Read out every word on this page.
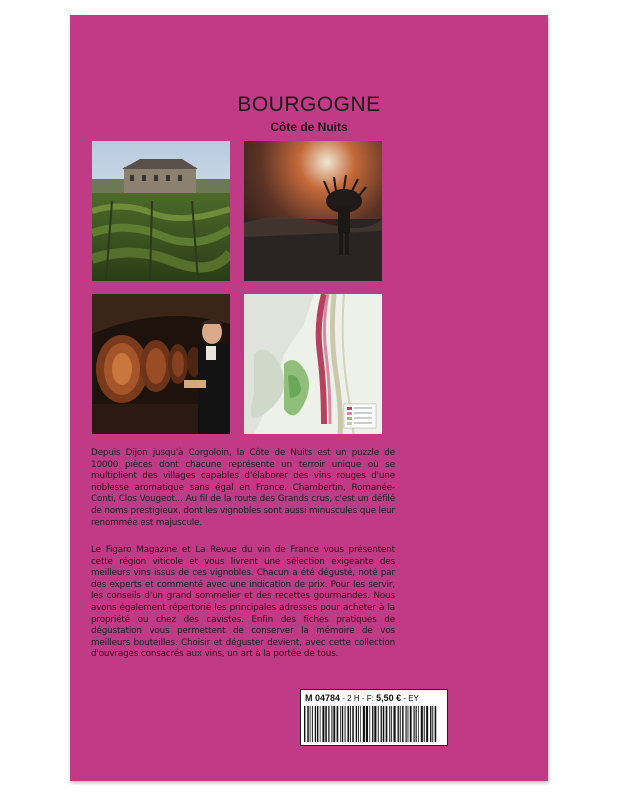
BOURGOGNE
Côte de Nuits

Depuis Dijon jusqu'à Corgoloin, la Côte de Nuits est un puzzle de 10000 pièces dont chacune représente un terroir unique où se multiplient des villages capables d'élaborer des vins rouges d'une noblesse aromatique sans égal en France. Chambertin, Romanée-Conti, Clos Vougeot... Au fil de la route des Grands crus, c'est un défilé de noms prestigieux, dont les vignobles sont aussi minuscules que leur renommée est majuscule.

Le Figaro Magazine et La Revue du vin de France vous présentent cette région viticole et vous livrent une sélection exigeante des meilleurs vins issus de ces vignobles. Chacun a été dégusté, noté par des experts et commenté avec une indication de prix. Pour les servir, les conseils d'un grand sommelier et des recettes gourmandes. Nous avons également répertorié les principales adresses pour acheter à la propriété ou chez des cavistes. Enfin des fiches pratiques de dégustation vous permettent de conserver la mémoire de vos meilleurs bouteilles. Choisir et déguster devient, avec cette collection d'ouvrages consacrés aux vins, un art à la portée de tous.

M 04784 - 2 H - F: 5,50 € - EY
